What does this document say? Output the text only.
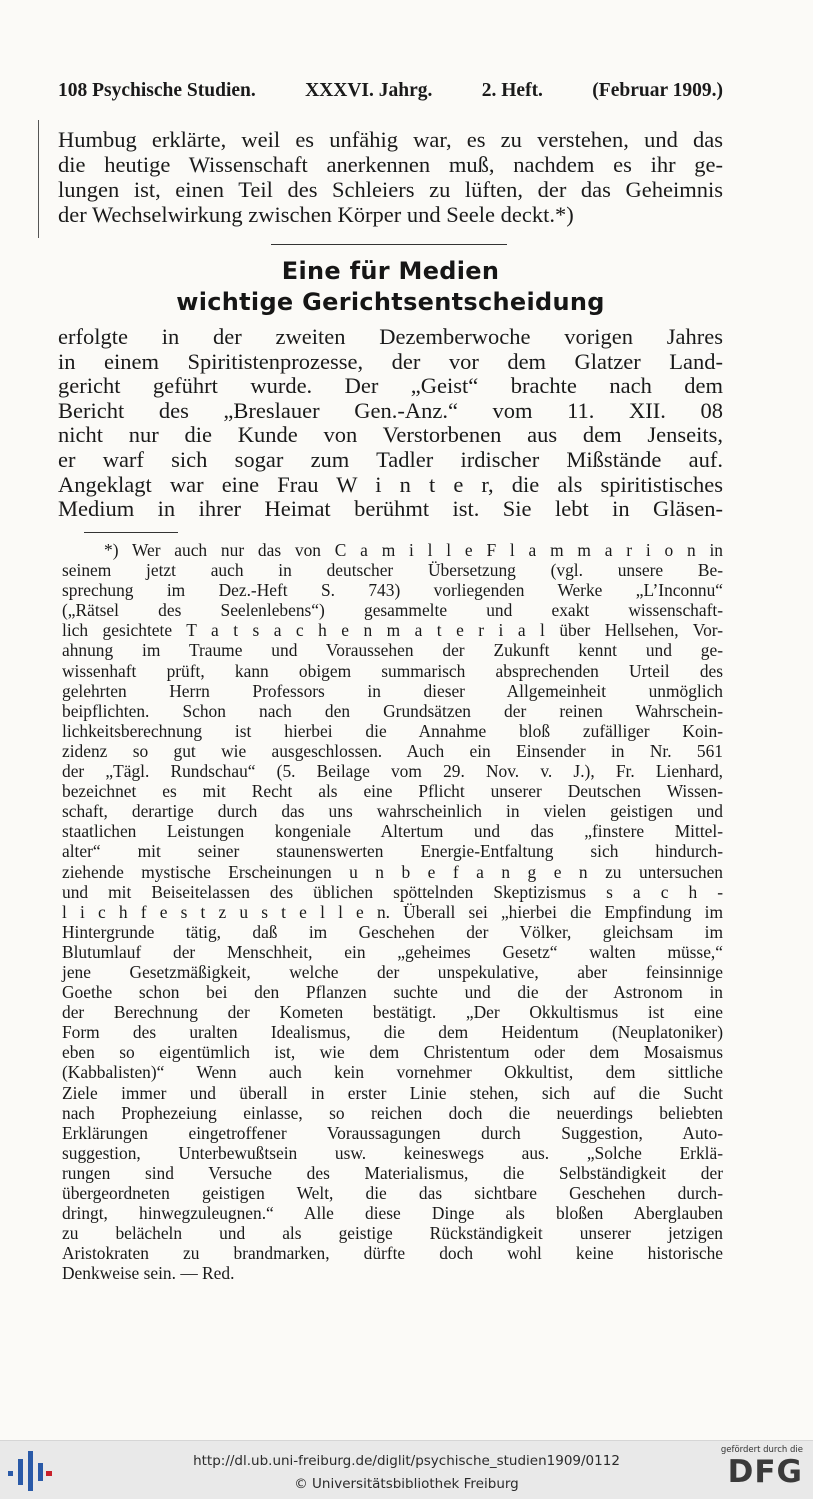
108 Psychische Studien.	XXXVI. Jahrg.	2. Heft.	(Februar 1909.)
Humbug erklärte, weil es unfähig war, es zu verstehen, und das
die heutige Wissenschaft anerkennen muß, nachdem es ihr ge-
lungen ist, einen Teil des Schleiers zu lüften, der das Geheimnis
der Wechselwirkung zwischen Körper und Seele deckt.*)
Eine für Medien
wichtige Gerichtsentscheidung
erfolgte in der zweiten Dezemberwoche vorigen Jahres
in einem Spiritistenprozesse, der vor dem Glatzer Land-
gericht geführt wurde. Der „Geist“ brachte nach dem
Bericht des „Breslauer Gen.-Anz.“ vom 11. XII. 08
nicht nur die Kunde von Verstorbenen aus dem Jenseits,
er warf sich sogar zum Tadler irdischer Mißstände auf.
Angeklagt war eine Frau W i n t e r, die als spiritistisches
Medium in ihrer Heimat berühmt ist. Sie lebt in Gläsen-
*) Wer auch nur das von C a m i l l e F l a m m a r i o n in
seinem jetzt auch in deutscher Übersetzung (vgl. unsere Be-
sprechung im Dez.-Heft S. 743) vorliegenden Werke „L’Inconnu“
(„Rätsel des Seelenlebens“) gesammelte und exakt wissenschaft-
lich gesichtete T a t s a c h e n m a t e r i a l über Hellsehen, Vor-
ahnung im Traume und Voraussehen der Zukunft kennt und ge-
wissenhaft prüft, kann obigem summarisch absprechenden Urteil des
gelehrten Herrn Professors in dieser Allgemeinheit unmöglich
beipflichten. Schon nach den Grundsätzen der reinen Wahrschein-
lichkeitsberechnung ist hierbei die Annahme bloß zufälliger Koin-
zidenz so gut wie ausgeschlossen. Auch ein Einsender in Nr. 561
der „Tägl. Rundschau“ (5. Beilage vom 29. Nov. v. J.), Fr. Lienhard,
bezeichnet es mit Recht als eine Pflicht unserer Deutschen Wissen-
schaft, derartige durch das uns wahrscheinlich in vielen geistigen und
staatlichen Leistungen kongeniale Altertum und das „finstere Mittel-
alter“ mit seiner staunenswerten Energie-Entfaltung sich hindurch-
ziehende mystische Erscheinungen u n b e f a n g e n zu untersuchen
und mit Beiseitelassen des üblichen spöttelnden Skeptizismus s a c h -
l i c h f e s t z u s t e l l e n. Überall sei „hierbei die Empfindung im
Hintergrunde tätig, daß im Geschehen der Völker, gleichsam im
Blutumlauf der Menschheit, ein „geheimes Gesetz“ walten müsse,“
jene Gesetzmäßigkeit, welche der unspekulative, aber feinsinnige
Goethe schon bei den Pflanzen suchte und die der Astronom in
der Berechnung der Kometen bestätigt. „Der Okkultismus ist eine
Form des uralten Idealismus, die dem Heidentum (Neuplatoniker)
eben so eigentümlich ist, wie dem Christentum oder dem Mosaismus
(Kabbalisten)“ Wenn auch kein vornehmer Okkultist, dem sittliche
Ziele immer und überall in erster Linie stehen, sich auf die Sucht
nach Prophezeiung einlasse, so reichen doch die neuerdings beliebten
Erklärungen eingetroffener Voraussagungen durch Suggestion, Auto-
suggestion, Unterbewußtsein usw. keineswegs aus. „Solche Erklä-
rungen sind Versuche des Materialismus, die Selbständigkeit der
übergeordneten geistigen Welt, die das sichtbare Geschehen durch-
dringt, hinwegzuleugnen.“ Alle diese Dinge als bloßen Aberglauben
zu belächeln und als geistige Rückständigkeit unserer jetzigen
Aristokraten zu brandmarken, dürfte doch wohl keine historische
Denkweise sein. — Red.
http://dl.ub.uni-freiburg.de/diglit/psychische_studien1909/0112
© Universitätsbibliothek Freiburg
gefördert durch die
DFG
